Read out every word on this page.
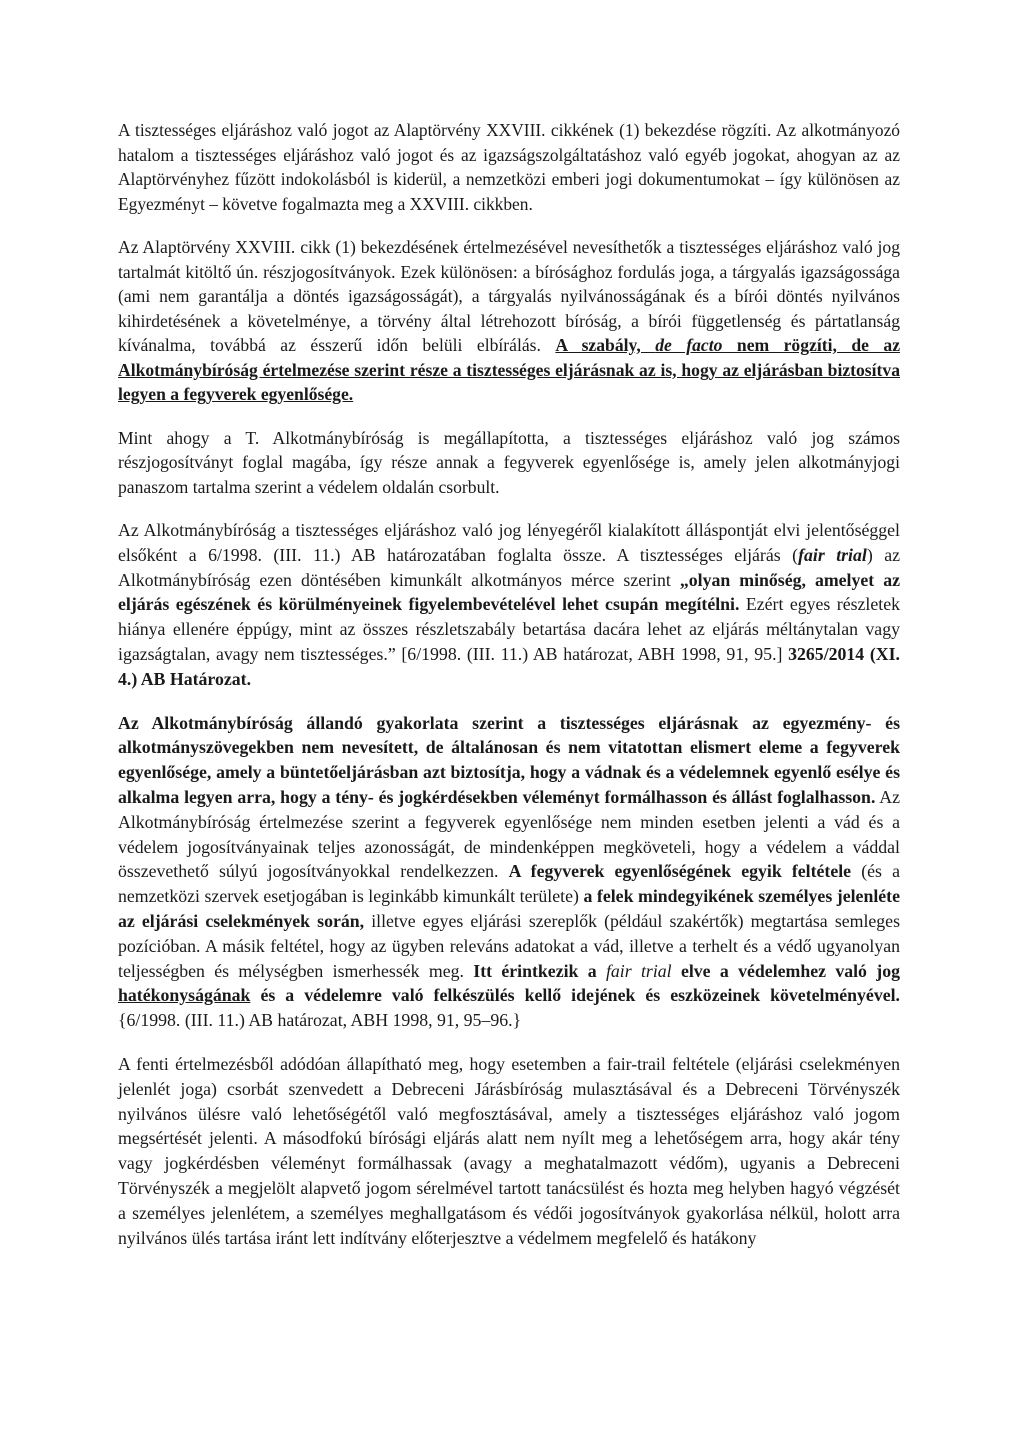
A tisztességes eljáráshoz való jogot az Alaptörvény XXVIII. cikkének (1) bekezdése rögzíti. Az alkotmányozó hatalom a tisztességes eljáráshoz való jogot és az igazságszolgáltatáshoz való egyéb jogokat, ahogyan az az Alaptörvényhez fűzött indokolásból is kiderül, a nemzetközi emberi jogi dokumentumokat – így különösen az Egyezményt – követve fogalmazta meg a XXVIII. cikkben.

Az Alaptörvény XXVIII. cikk (1) bekezdésének értelmezésével nevesíthetők a tisztességes eljáráshoz való jog tartalmát kitöltő ún. részjogosítványok. Ezek különösen: a bírósághoz fordulás joga, a tárgyalás igazságossága (ami nem garantálja a döntés igazságosságát), a tárgyalás nyilvánosságának és a bírói döntés nyilvános kihirdetésének a követelménye, a törvény által létrehozott bíróság, a bírói függetlenség és pártatlanság kívánalma, továbbá az ésszerű időn belüli elbírálás. A szabály, de facto nem rögzíti, de az Alkotmánybíróság értelmezése szerint része a tisztességes eljárásnak az is, hogy az eljárásban biztosítva legyen a fegyverek egyenlősége.

Mint ahogy a T. Alkotmánybíróság is megállapította, a tisztességes eljáráshoz való jog számos részjogosítványt foglal magába, így része annak a fegyverek egyenlősége is, amely jelen alkotmányjogi panaszom tartalma szerint a védelem oldalán csorbult.

Az Alkotmánybíróság a tisztességes eljáráshoz való jog lényegéről kialakított álláspontját elvi jelentőséggel elsőként a 6/1998. (III. 11.) AB határozatában foglalta össze. A tisztességes eljárás (fair trial) az Alkotmánybíróság ezen döntésében kimunkált alkotmányos mérce szerint „olyan minőség, amelyet az eljárás egészének és körülményeinek figyelembevételével lehet csupán megítélni. Ezért egyes részletek hiánya ellenére éppúgy, mint az összes részletszabály betartása dacára lehet az eljárás méltánytalan vagy igazságtalan, avagy nem tisztességes.” [6/1998. (III. 11.) AB határozat, ABH 1998, 91, 95.] 3265/2014 (XI. 4.) AB Határozat.

Az Alkotmánybíróság állandó gyakorlata szerint a tisztességes eljárásnak az egyezmény- és alkotmányszövegekben nem nevesített, de általánosan és nem vitatottan elismert eleme a fegyverek egyenlősége, amely a büntetőeljárásban azt biztosítja, hogy a vádnak és a védelemnek egyenlő esélye és alkalma legyen arra, hogy a tény- és jogkérdésekben véleményt formálhasson és állást foglalhasson. Az Alkotmánybíróság értelmezése szerint a fegyverek egyenlősége nem minden esetben jelenti a vád és a védelem jogosítványainak teljes azonosságát, de mindenképpen megköveteli, hogy a védelem a váddal összevethető súlyú jogosítványokkal rendelkezzen. A fegyverek egyenlőségének egyik feltétele (és a nemzetközi szervek esetjogában is leginkább kimunkált területe) a felek mindegyikének személyes jelenléte az eljárási cselekmények során, illetve egyes eljárási szereplők (például szakértők) megtartása semleges pozícióban. A másik feltétel, hogy az ügyben releváns adatokat a vád, illetve a terhelt és a védő ugyanolyan teljességben és mélységben ismerhessék meg. Itt érintkezik a fair trial elve a védelemhez való jog hatékonyságának és a védelemre való felkészülés kellő idejének és eszközeinek követelményével. {6/1998. (III. 11.) AB határozat, ABH 1998, 91, 95–96.}

A fenti értelmezésből adódóan állapítható meg, hogy esetemben a fair-trail feltétele (eljárási cselekményen jelenlét joga) csorbát szenvedett a Debreceni Járásbíróság mulasztásával és a Debreceni Törvényszék nyilvános ülésre való lehetőségétől való megfosztásával, amely a tisztességes eljáráshoz való jogom megsértését jelenti. A másodfokú bírósági eljárás alatt nem nyílt meg a lehetőségem arra, hogy akár tény vagy jogkérdésben véleményt formálhassak (avagy a meghatalmazott védőm), ugyanis a Debreceni Törvényszék a megjelölt alapvető jogom sérelmével tartott tanácsülést és hozta meg helyben hagyó végzését a személyes jelenlétem, a személyes meghallgatásom és védői jogosítványok gyakorlása nélkül, holott arra nyilvános ülés tartása iránt lett indítvány előterjesztve a védelmem megfelelő és hatákony
